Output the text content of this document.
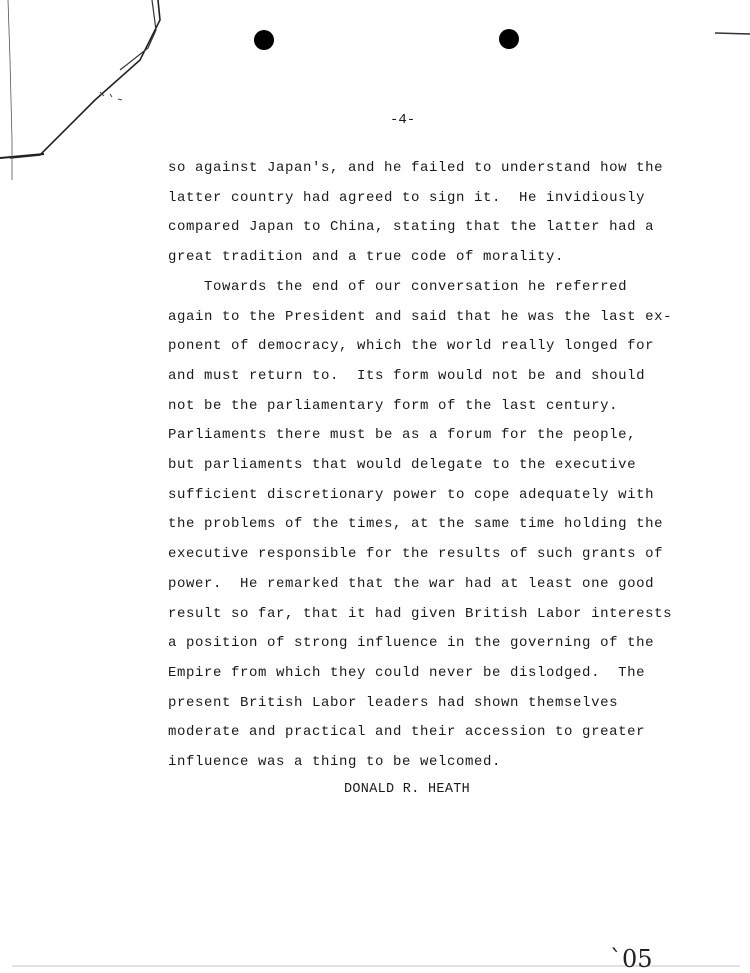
-4-
so against Japan's, and he failed to understand how the
latter country had agreed to sign it.  He invidiously
compared Japan to China, stating that the latter had a
great tradition and a true code of morality.
Towards the end of our conversation he referred
again to the President and said that he was the last ex-
ponent of democracy, which the world really longed for
and must return to.  Its form would not be and should
not be the parliamentary form of the last century.
Parliaments there must be as a forum for the people,
but parliaments that would delegate to the executive
sufficient discretionary power to cope adequately with
the problems of the times, at the same time holding the
executive responsible for the results of such grants of
power.  He remarked that the war had at least one good
result so far, that it had given British Labor interests
a position of strong influence in the governing of the
Empire from which they could never be dislodged.  The
present British Labor leaders had shown themselves
moderate and practical and their accession to greater
influence was a thing to be welcomed.
DONALD R. HEATH
`05
